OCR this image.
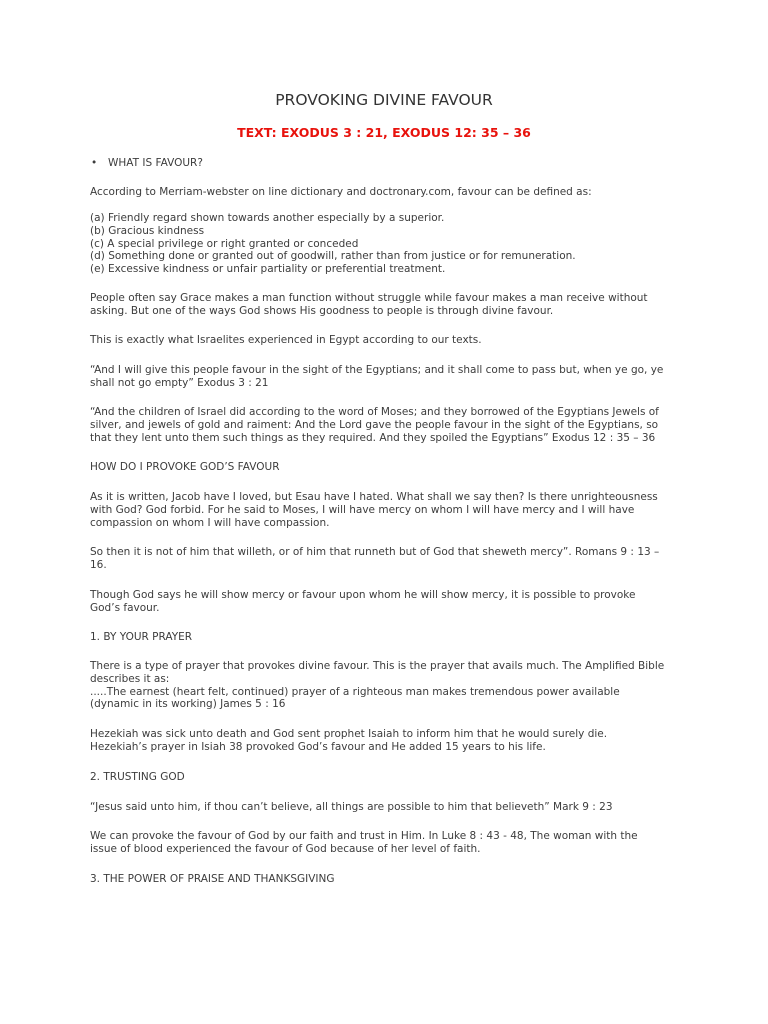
PROVOKING DIVINE FAVOUR
TEXT: EXODUS 3 : 21, EXODUS 12: 35 – 36
• WHAT IS FAVOUR?

According to Merriam-webster on line dictionary and doctronary.com, favour can be defined as:

(a) Friendly regard shown towards another especially by a superior.
(b) Gracious kindness
(c) A special privilege or right granted or conceded
(d) Something done or granted out of goodwill, rather than from justice or for remuneration.
(e) Excessive kindness or unfair partiality or preferential treatment.

People often say Grace makes a man function without struggle while favour makes a man receive without
asking. But one of the ways God shows His goodness to people is through divine favour.

This is exactly what Israelites experienced in Egypt according to our texts.

“And I will give this people favour in the sight of the Egyptians; and it shall come to pass but, when ye go, ye
shall not go empty” Exodus 3 : 21

“And the children of Israel did according to the word of Moses; and they borrowed of the Egyptians Jewels of
silver, and jewels of gold and raiment: And the Lord gave the people favour in the sight of the Egyptians, so
that they lent unto them such things as they required. And they spoiled the Egyptians” Exodus 12 : 35 – 36

HOW DO I PROVOKE GOD’S FAVOUR

As it is written, Jacob have I loved, but Esau have I hated. What shall we say then? Is there unrighteousness
with God? God forbid. For he said to Moses, I will have mercy on whom I will have mercy and I will have
compassion on whom I will have compassion.

So then it is not of him that willeth, or of him that runneth but of God that sheweth mercy”. Romans 9 : 13 –
16.

Though God says he will show mercy or favour upon whom he will show mercy, it is possible to provoke
God’s favour.

1. BY YOUR PRAYER

There is a type of prayer that provokes divine favour. This is the prayer that avails much. The Amplified Bible
describes it as:
.....The earnest (heart felt, continued) prayer of a righteous man makes tremendous power available
(dynamic in its working) James 5 : 16

Hezekiah was sick unto death and God sent prophet Isaiah to inform him that he would surely die.
Hezekiah’s prayer in Isiah 38 provoked God’s favour and He added 15 years to his life.

2. TRUSTING GOD

“Jesus said unto him, if thou can’t believe, all things are possible to him that believeth” Mark 9 : 23

We can provoke the favour of God by our faith and trust in Him. In Luke 8 : 43 - 48, The woman with the
issue of blood experienced the favour of God because of her level of faith.

3. THE POWER OF PRAISE AND THANKSGIVING
